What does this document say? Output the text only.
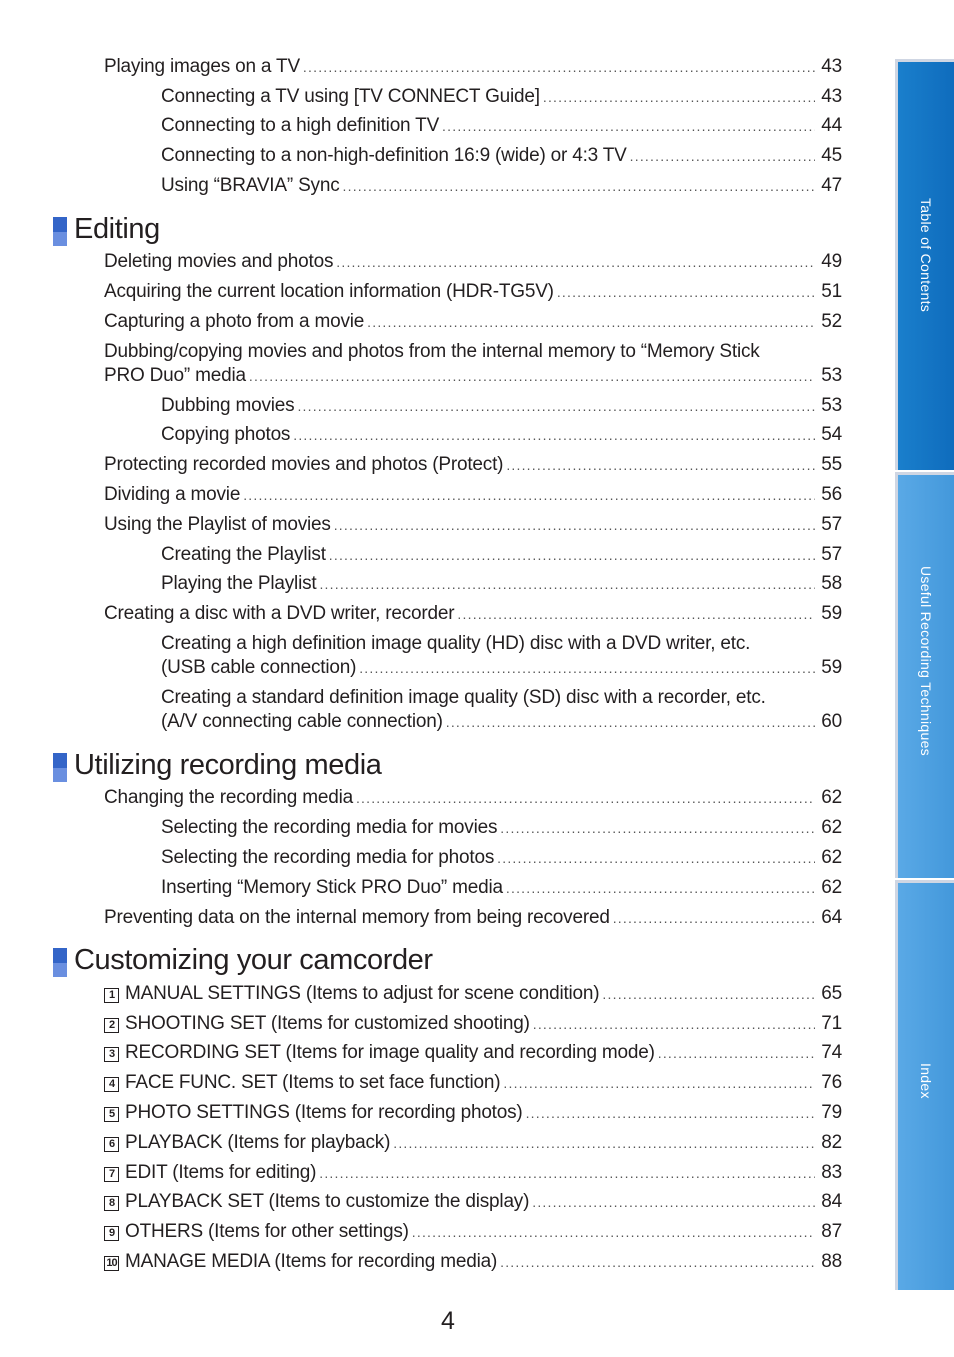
Playing images on a TV .....	43
Connecting a TV using [TV CONNECT Guide] .....	43
Connecting to a high definition TV .....	44
Connecting to a non-high-definition 16:9 (wide) or 4:3 TV .....	45
Using “BRAVIA” Sync .....	47
Editing
Deleting movies and photos .....	49
Acquiring the current location information (HDR-TG5V) .....	51
Capturing a photo from a movie .....	52
Dubbing/copying movies and photos from the internal memory to “Memory Stick
PRO Duo” media .....	53
Dubbing movies .....	53
Copying photos .....	54
Protecting recorded movies and photos (Protect) .....	55
Dividing a movie .....	56
Using the Playlist of movies .....	57
Creating the Playlist .....	57
Playing the Playlist .....	58
Creating a disc with a DVD writer, recorder .....	59
Creating a high definition image quality (HD) disc with a DVD writer, etc.
(USB cable connection) .....	59
Creating a standard definition image quality (SD) disc with a recorder, etc.
(A/V connecting cable connection) .....	60
Utilizing recording media
Changing the recording media .....	62
Selecting the recording media for movies .....	62
Selecting the recording media for photos .....	62
Inserting “Memory Stick PRO Duo” media .....	62
Preventing data on the internal memory from being recovered .....	64
Customizing your camcorder
1 MANUAL SETTINGS (Items to adjust for scene condition) .....	65
2 SHOOTING SET (Items for customized shooting) .....	71
3 RECORDING SET (Items for image quality and recording mode) .....	74
4 FACE FUNC. SET (Items to set face function) .....	76
5 PHOTO SETTINGS (Items for recording photos) .....	79
6 PLAYBACK (Items for playback) .....	82
7 EDIT (Items for editing) .....	83
8 PLAYBACK SET (Items to customize the display) .....	84
9 OTHERS (Items for other settings) .....	87
10 MANAGE MEDIA (Items for recording media) .....	88
Table of Contents
Useful Recording Techniques
Index
4
